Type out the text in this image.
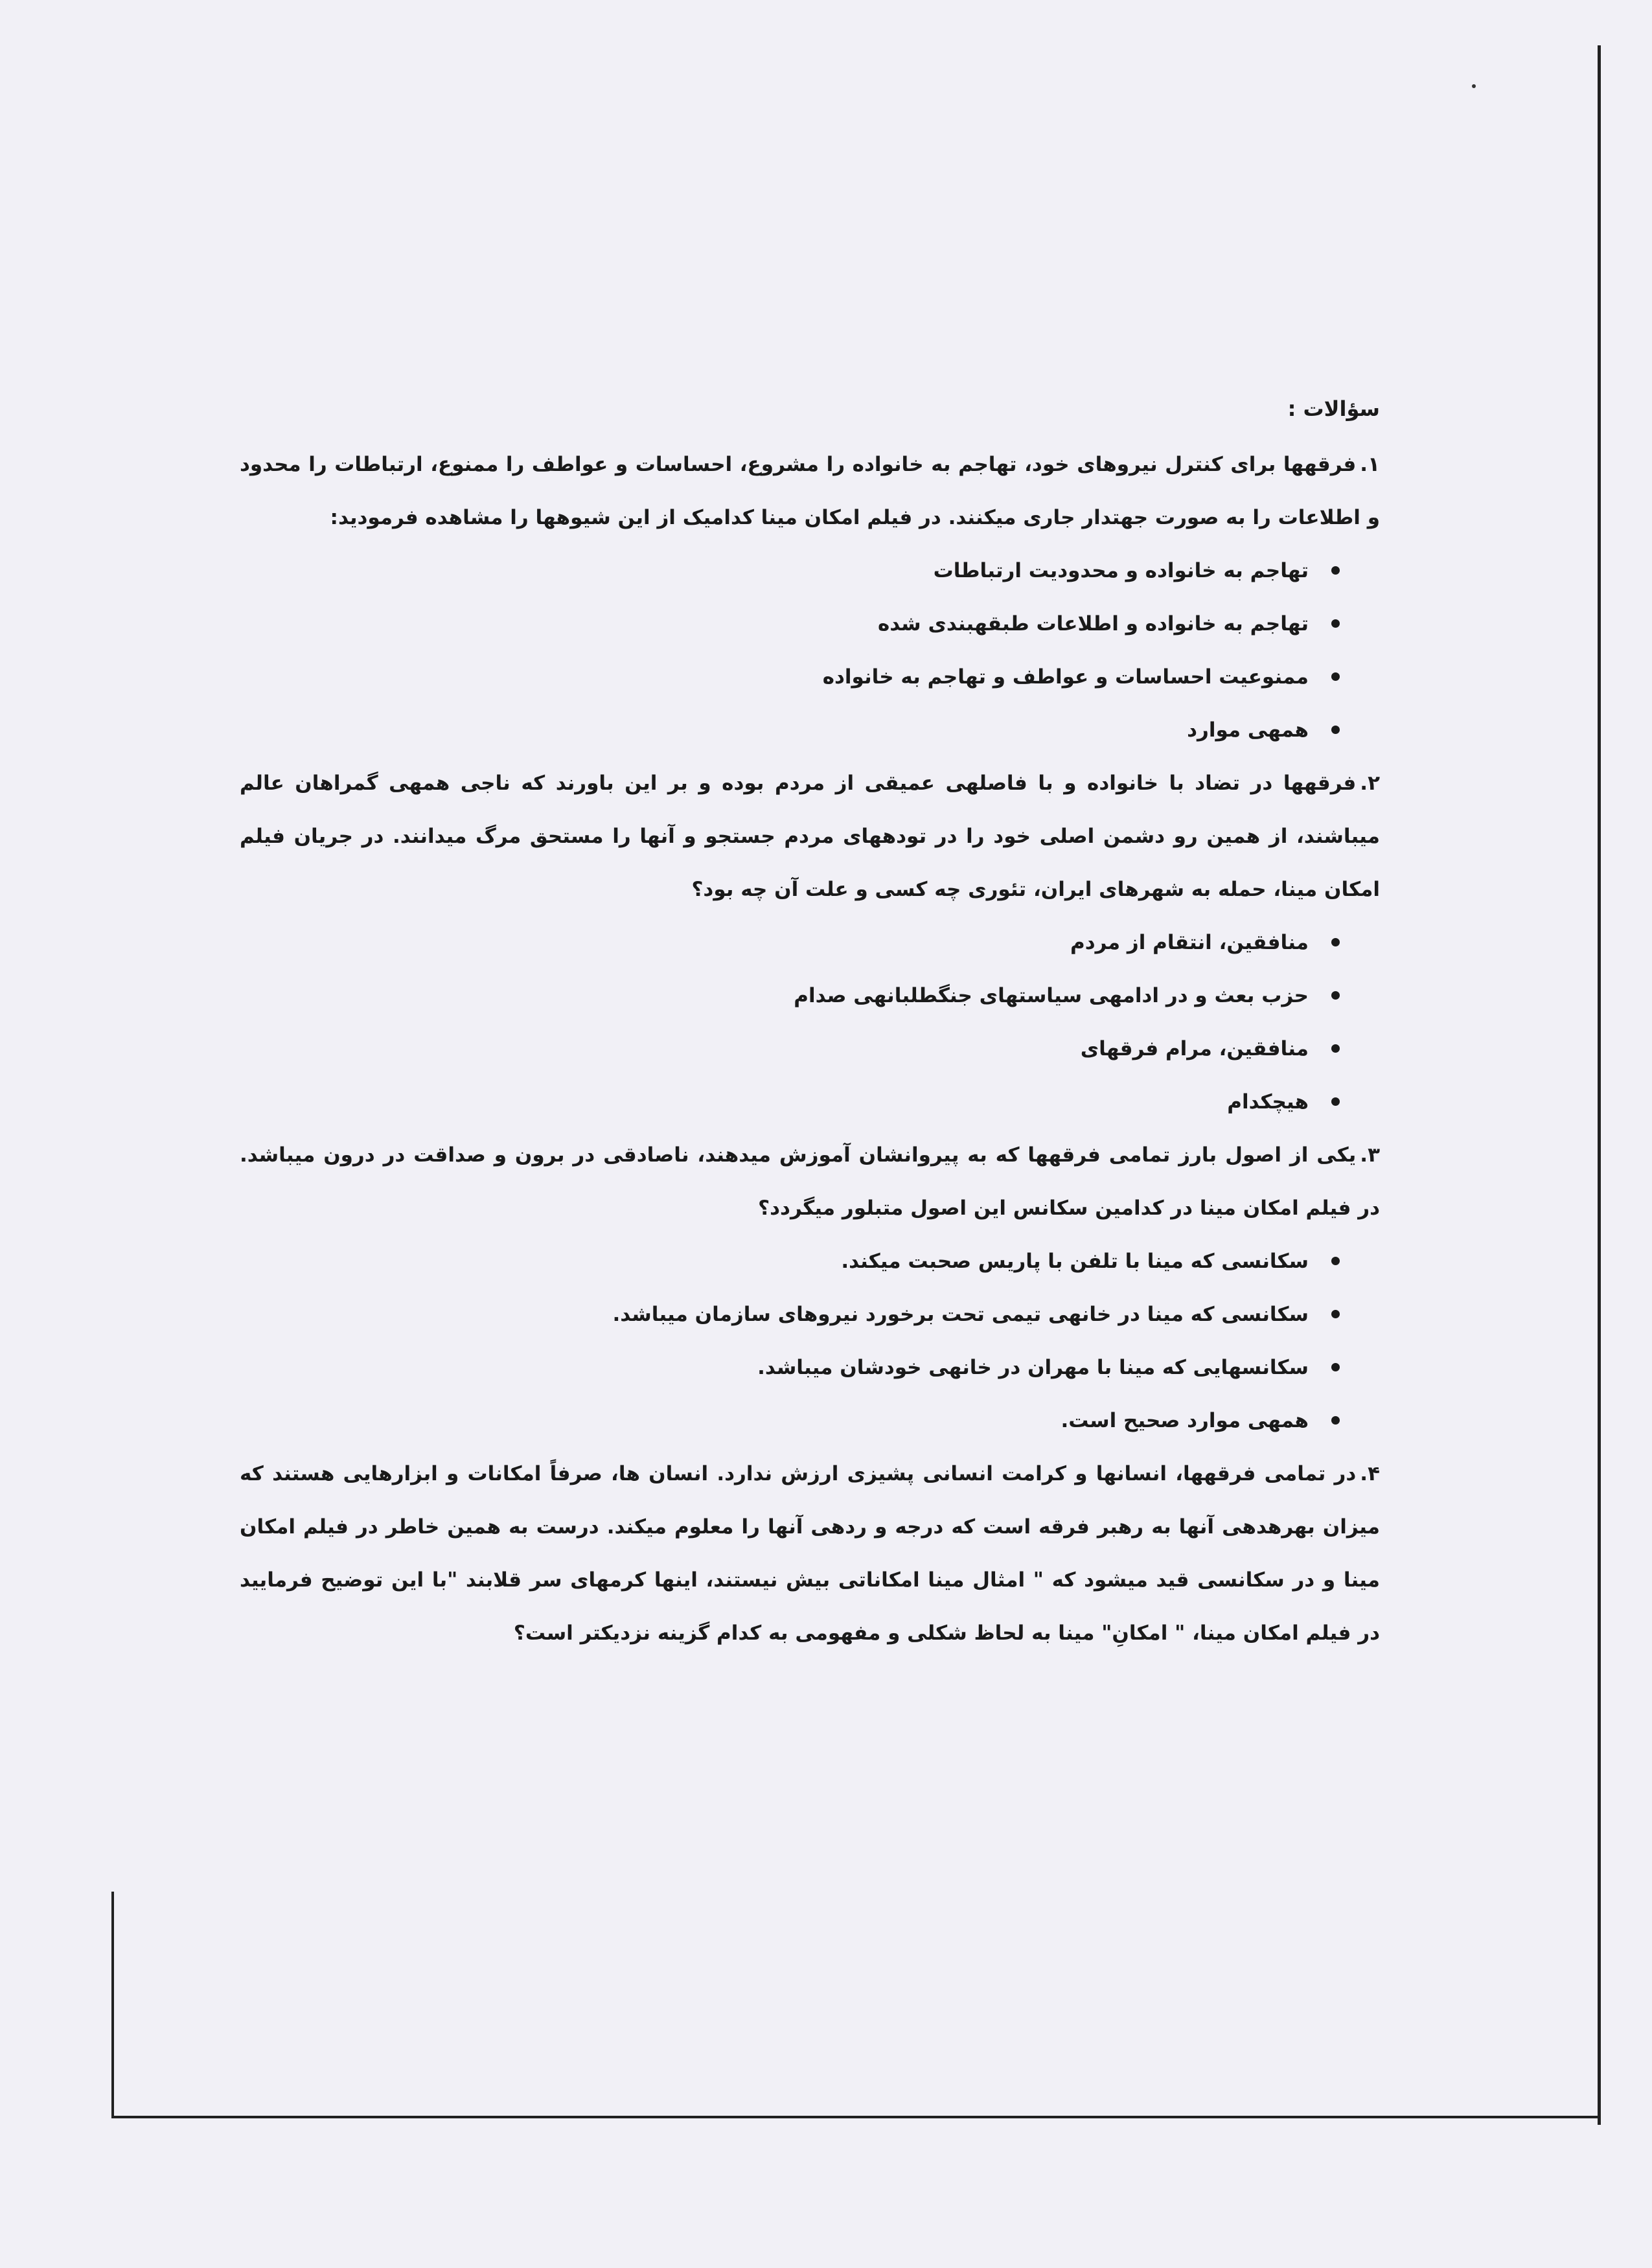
سؤالات :
۱.فرقهها برای کنترل نیروهای خود، تهاجم به خانواده را مشروع، احساسات و عواطف را ممنوع، ارتباطات را محدود و اطلاعات را به صورت جهتدار جاری میکنند. در فیلم امکان مینا کدامیک از این شیوهها را مشاهده فرمودید:
تهاجم به خانواده و محدودیت ارتباطات
تهاجم به خانواده و اطلاعات طبقهبندی شده
ممنوعیت احساسات و عواطف و تهاجم به خانواده
همهی موارد
۲.فرقهها در تضاد با خانواده و با فاصلهی عمیقی از مردم بوده و بر این باورند که ناجی همهی گمراهان عالم میباشند، از همین رو دشمن اصلی خود را در تودههای مردم جستجو و آنها را مستحق مرگ میدانند. در جریان فیلم امکان مینا، حمله به شهرهای ایران، تئوری چه کسی و علت آن چه بود؟
منافقین، انتقام از مردم
حزب بعث و در ادامهی سیاستهای جنگطلبانهی صدام
منافقین، مرام فرقهای
هیچکدام
۳.یکی از اصول بارز تمامی فرقهها که به پیروانشان آموزش میدهند، ناصادقی در برون و صداقت در درون میباشد. در فیلم امکان مینا در کدامین سکانس این اصول متبلور میگردد؟
سکانسی که مینا با تلفن با پاریس صحبت میکند.
سکانسی که مینا در خانهی تیمی تحت برخورد نیروهای سازمان میباشد.
سکانسهایی که مینا با مهران در خانهی خودشان میباشد.
همهی موارد صحیح است.
۴.در تمامی فرقهها، انسانها و کرامت انسانی پشیزی ارزش ندارد. انسان ها، صرفاً امکانات و ابزارهایی هستند که میزان بهرهدهی آنها به رهبر فرقه است که درجه و ردهی آنها را معلوم میکند. درست به همین خاطر در فیلم امکان مینا و در سکانسی قید میشود که " امثال مینا امکاناتی بیش نیستند، اینها کرمهای سر قلابند "با این توضیح فرمایید در فیلم امکان مینا، " امکانِ" مینا به لحاظ شکلی و مفهومی به کدام گزینه نزدیکتر است؟
